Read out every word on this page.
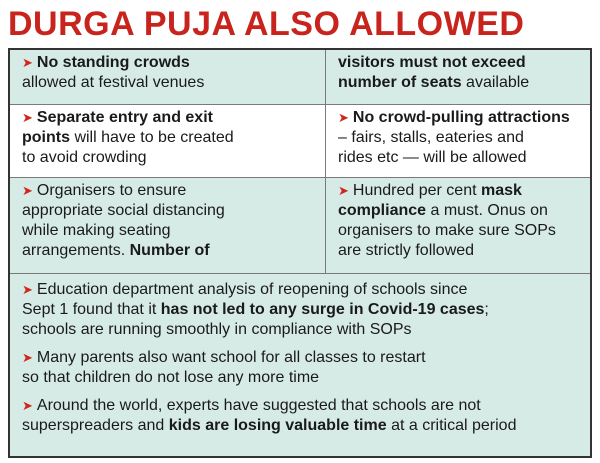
DURGA PUJA ALSO ALLOWED
➤ No standing crowds
allowed at festival venues
visitors must not exceed
number of seats available
➤ Separate entry and exit
points will have to be created
to avoid crowding
➤ No crowd-pulling attractions
– fairs, stalls, eateries and
rides etc — will be allowed
➤ Organisers to ensure
appropriate social distancing
while making seating
arrangements. Number of
➤ Hundred per cent mask
compliance a must. Onus on
organisers to make sure SOPs
are strictly followed
➤ Education department analysis of reopening of schools since
Sept 1 found that it has not led to any surge in Covid-19 cases;
schools are running smoothly in compliance with SOPs
➤ Many parents also want school for all classes to restart
so that children do not lose any more time
➤ Around the world, experts have suggested that schools are not
superspreaders and kids are losing valuable time at a critical period
